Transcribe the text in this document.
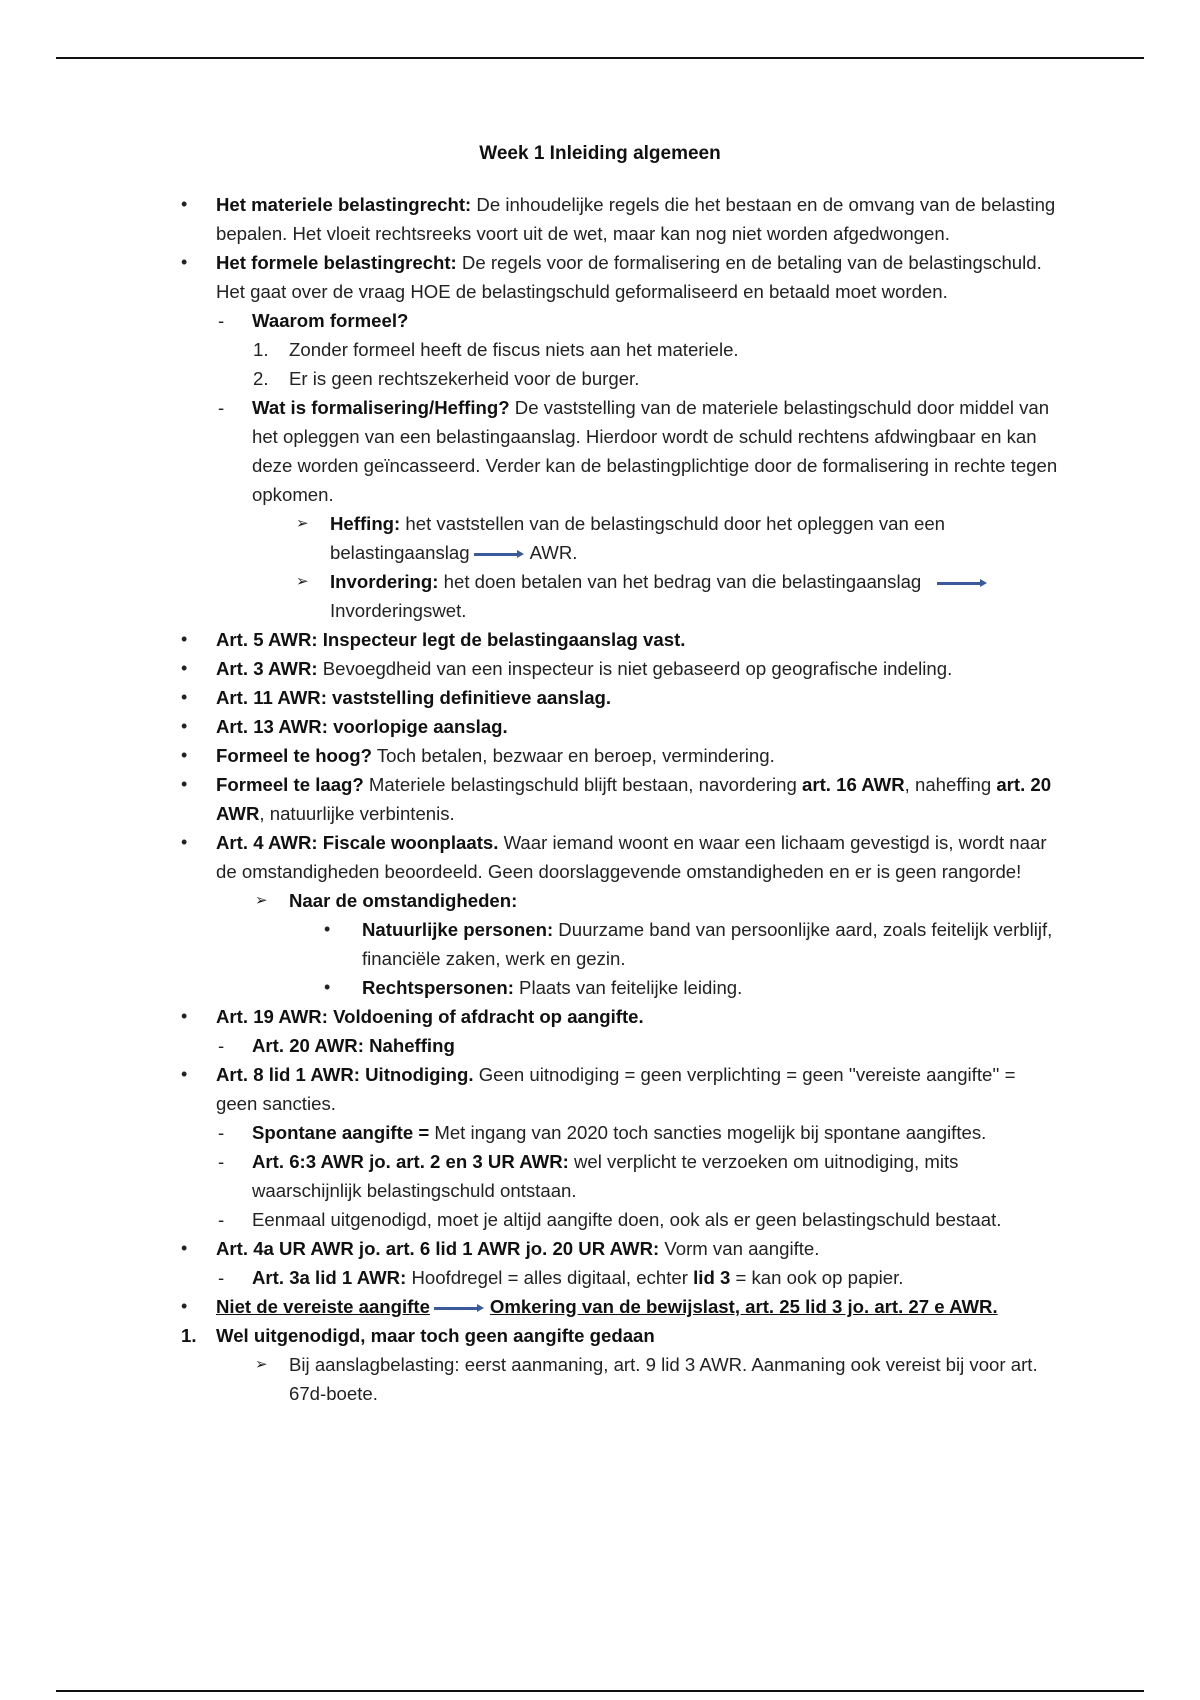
Week 1 Inleiding algemeen
•	Het materiele belastingrecht: De inhoudelijke regels die het bestaan en de omvang van de belasting bepalen. Het vloeit rechtsreeks voort uit de wet, maar kan nog niet worden afgedwongen.
•	Het formele belastingrecht: De regels voor de formalisering en de betaling van de belastingschuld. Het gaat over de vraag HOE de belastingschuld geformaliseerd en betaald moet worden.
- Waarom formeel?
1. Zonder formeel heeft de fiscus niets aan het materiele.
2. Er is geen rechtszekerheid voor de burger.
- Wat is formalisering/Heffing? De vaststelling van de materiele belastingschuld door middel van het opleggen van een belastingaanslag. Hierdoor wordt de schuld rechtens afdwingbaar en kan deze worden geïncasseerd. Verder kan de belastingplichtige door de formalisering in rechte tegen opkomen.
➢ Heffing: het vaststellen van de belastingschuld door het opleggen van een belastingaanslag	AWR.
➢ Invordering: het doen betalen van het bedrag van die belastingaanslag
Invorderingswet.
•	Art. 5 AWR: Inspecteur legt de belastingaanslag vast.
•	Art. 3 AWR: Bevoegdheid van een inspecteur is niet gebaseerd op geografische indeling.
•	Art. 11 AWR: vaststelling definitieve aanslag.
•	Art. 13 AWR: voorlopige aanslag.
•	Formeel te hoog? Toch betalen, bezwaar en beroep, vermindering.
•	Formeel te laag? Materiele belastingschuld blijft bestaan, navordering art. 16 AWR, naheffing art. 20 AWR, natuurlijke verbintenis.
•	Art. 4 AWR: Fiscale woonplaats. Waar iemand woont en waar een lichaam gevestigd is, wordt naar de omstandigheden beoordeeld. Geen doorslaggevende omstandigheden en er is geen rangorde!
➢ Naar de omstandigheden:
• Natuurlijke personen: Duurzame band van persoonlijke aard, zoals feitelijk verblijf, financiële zaken, werk en gezin.
• Rechtspersonen: Plaats van feitelijke leiding.
•	Art. 19 AWR: Voldoening of afdracht op aangifte.
- Art. 20 AWR: Naheffing
•	Art. 8 lid 1 AWR: Uitnodiging. Geen uitnodiging = geen verplichting = geen ''vereiste aangifte'' = geen sancties.
- Spontane aangifte = Met ingang van 2020 toch sancties mogelijk bij spontane aangiftes.
- Art. 6:3 AWR jo. art. 2 en 3 UR AWR: wel verplicht te verzoeken om uitnodiging, mits waarschijnlijk belastingschuld ontstaan.
- Eenmaal uitgenodigd, moet je altijd aangifte doen, ook als er geen belastingschuld bestaat.
•	Art. 4a UR AWR jo. art. 6 lid 1 AWR jo. 20 UR AWR: Vorm van aangifte.
- Art. 3a lid 1 AWR: Hoofdregel = alles digitaal, echter lid 3 = kan ook op papier.
•	Niet de vereiste aangifte	Omkering van de bewijslast, art. 25 lid 3 jo. art. 27 e AWR.
1. Wel uitgenodigd, maar toch geen aangifte gedaan
➢ Bij aanslagbelasting: eerst aanmaning, art. 9 lid 3 AWR. Aanmaning ook vereist bij voor art. 67d-boete.
